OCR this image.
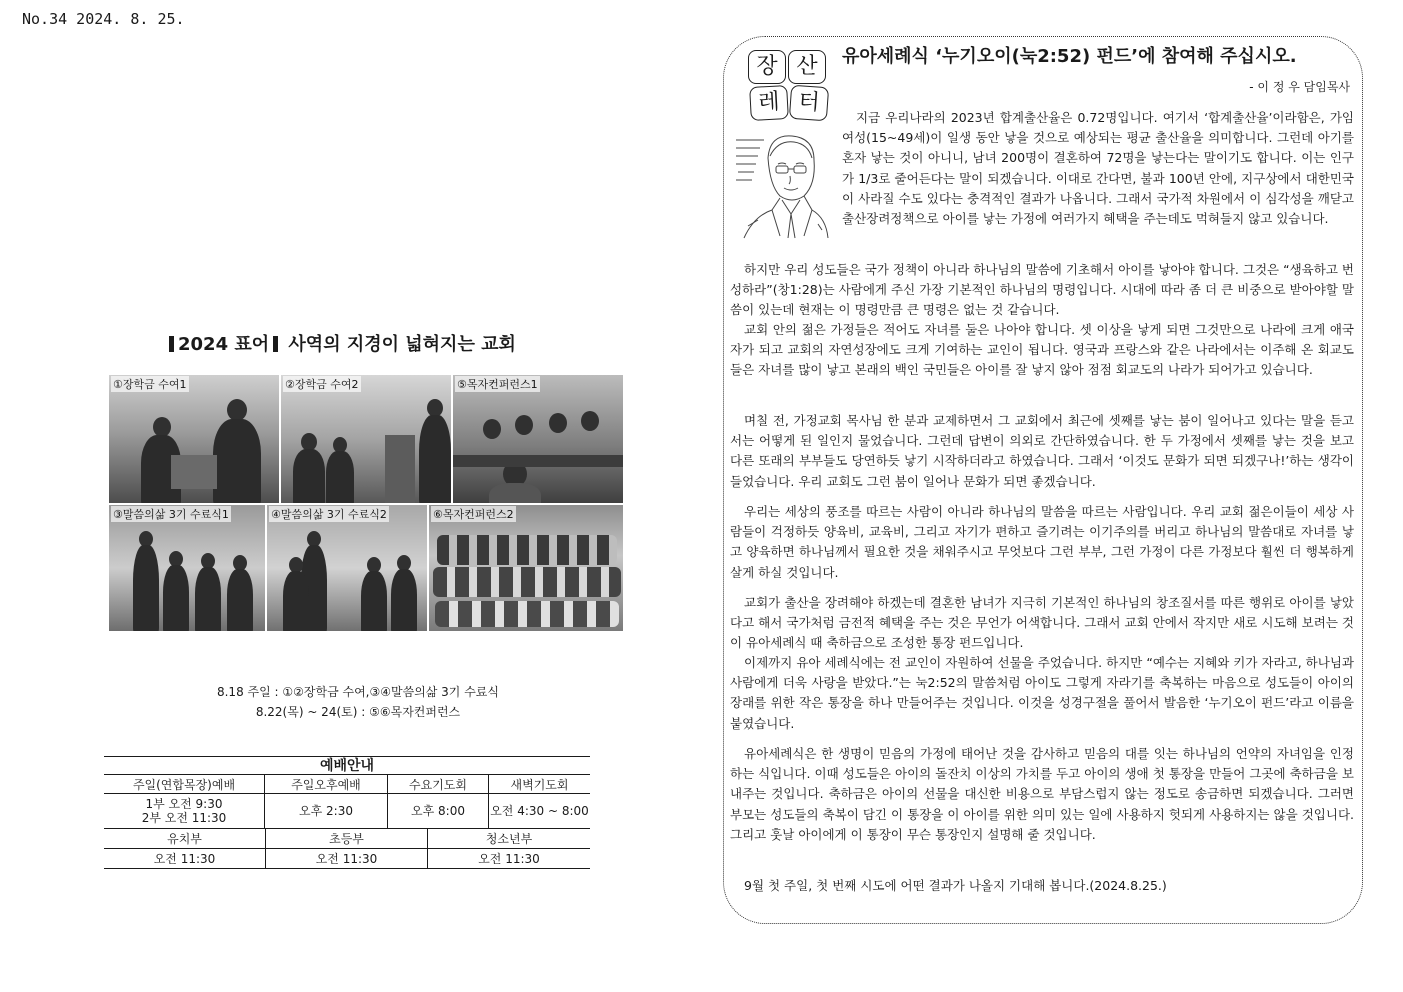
No.34 2024. 8. 25.
2024 표어 사역의 지경이 넓혀지는 교회
①장학금 수여1	②장학금 수여2	⑤목자컨퍼런스1
③말씀의삶 3기 수료식1	④말씀의삶 3기 수료식2	⑥목자컨퍼런스2
8.18 주일 : ①②장학금 수여,③④말씀의삶 3기 수료식
8.22(목) ~ 24(토) : ⑤⑥목자컨퍼런스
예배안내
주일(연합목장)예배	주일오후예배	수요기도회	새벽기도회
1부 오전 9:30
2부 오전 11:30	오후 2:30	오후 8:00	오전 4:30 ~ 8:00
유치부	초등부	청소년부
오전 11:30	오전 11:30	오전 11:30
장 산
레 터
유아세례식 ‘누기오이(눅2:52) 펀드’에 참여해 주십시오.
- 이 정 우 담임목사

지금 우리나라의 2023년 합계출산율은 0.72명입니다. 여기서 ‘합계출산율’이라함은, 가임여성(15~49세)이 일생 동안 낳을 것으로 예상되는 평균 출산율을 의미합니다. 그런데 아기를 혼자 낳는 것이 아니니, 남녀 200명이 결혼하여 72명을 낳는다는 말이기도 합니다. 이는 인구가 1/3로 줄어든다는 말이 되겠습니다. 이대로 간다면, 불과 100년 안에, 지구상에서 대한민국이 사라질 수도 있다는 충격적인 결과가 나옵니다. 그래서 국가적 차원에서 이 심각성을 깨닫고 출산장려정책으로 아이를 낳는 가정에 여러가지 혜택을 주는데도 먹혀들지 않고 있습니다.

하지만 우리 성도들은 국가 정책이 아니라 하나님의 말씀에 기초해서 아이를 낳아야 합니다. 그것은 “생육하고 번성하라”(창1:28)는 사람에게 주신 가장 기본적인 하나님의 명령입니다. 시대에 따라 좀 더 큰 비중으로 받아야할 말씀이 있는데 현재는 이 명령만큼 큰 명령은 없는 것 같습니다.

교회 안의 젊은 가정들은 적어도 자녀를 둘은 나아야 합니다. 셋 이상을 낳게 되면 그것만으로 나라에 크게 애국자가 되고 교회의 자연성장에도 크게 기여하는 교인이 됩니다. 영국과 프랑스와 같은 나라에서는 이주해 온 회교도들은 자녀를 많이 낳고 본래의 백인 국민들은 아이를 잘 낳지 않아 점점 회교도의 나라가 되어가고 있습니다.

며칠 전, 가정교회 목사님 한 분과 교제하면서 그 교회에서 최근에 셋째를 낳는 붐이 일어나고 있다는 말을 듣고서는 어떻게 된 일인지 물었습니다. 그런데 답변이 의외로 간단하였습니다. 한 두 가정에서 셋째를 낳는 것을 보고 다른 또래의 부부들도 당연하듯 낳기 시작하더라고 하였습니다. 그래서 ‘이것도 문화가 되면 되겠구나!’하는 생각이 들었습니다. 우리 교회도 그런 붐이 일어나 문화가 되면 좋겠습니다.

우리는 세상의 풍조를 따르는 사람이 아니라 하나님의 말씀을 따르는 사람입니다. 우리 교회 젊은이들이 세상 사람들이 걱정하듯 양육비, 교육비, 그리고 자기가 편하고 즐기려는 이기주의를 버리고 하나님의 말씀대로 자녀를 낳고 양육하면 하나님께서 필요한 것을 채워주시고 무엇보다 그런 부부, 그런 가정이 다른 가정보다 훨씬 더 행복하게 살게 하실 것입니다.

교회가 출산을 장려해야 하겠는데 결혼한 남녀가 지극히 기본적인 하나님의 창조질서를 따른 행위로 아이를 낳았다고 해서 국가처럼 금전적 혜택을 주는 것은 무언가 어색합니다. 그래서 교회 안에서 작지만 새로 시도해 보려는 것이 유아세례식 때 축하금으로 조성한 통장 펀드입니다.

이제까지 유아 세례식에는 전 교인이 자원하여 선물을 주었습니다. 하지만 “예수는 지혜와 키가 자라고, 하나님과 사람에게 더욱 사랑을 받았다.”는 눅2:52의 말씀처럼 아이도 그렇게 자라기를 축복하는 마음으로 성도들이 아이의 장래를 위한 작은 통장을 하나 만들어주는 것입니다. 이것을 성경구절을 풀어서 발음한 ‘누기오이 펀드’라고 이름을 붙였습니다.

유아세례식은 한 생명이 믿음의 가정에 태어난 것을 감사하고 믿음의 대를 잇는 하나님의 언약의 자녀임을 인정하는 식입니다. 이때 성도들은 아이의 돌잔치 이상의 가치를 두고 아이의 생애 첫 통장을 만들어 그곳에 축하금을 보내주는 것입니다. 축하금은 아이의 선물을 대신한 비용으로 부담스럽지 않는 정도로 송금하면 되겠습니다. 그러면 부모는 성도들의 축복이 담긴 이 통장을 이 아이를 위한 의미 있는 일에 사용하지 헛되게 사용하지는 않을 것입니다. 그리고 훗날 아이에게 이 통장이 무슨 통장인지 설명해 줄 것입니다.

9월 첫 주일, 첫 번째 시도에 어떤 결과가 나올지 기대해 봅니다.(2024.8.25.)
